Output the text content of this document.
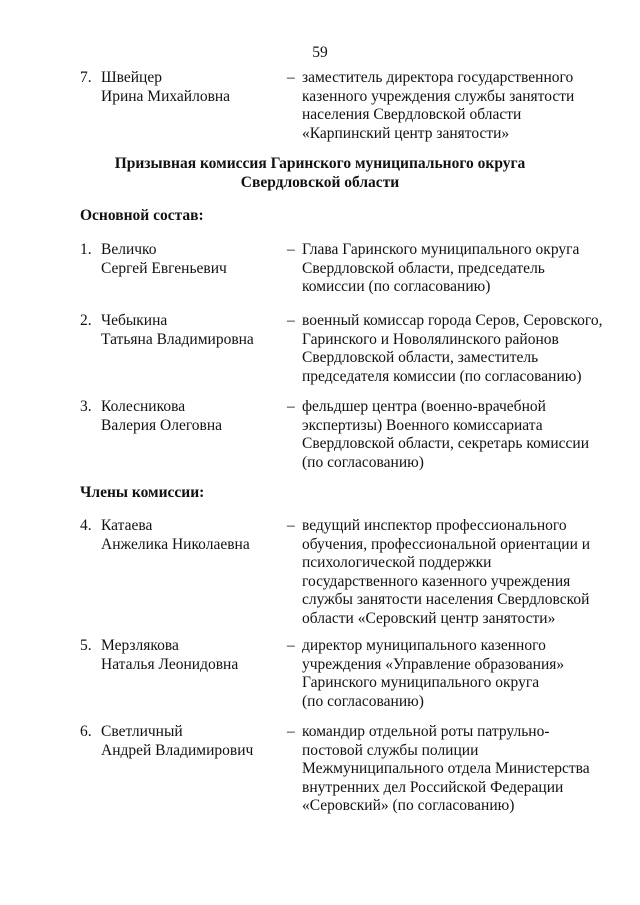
59
7. Швейцер
Ирина Михайловна
– заместитель директора государственного
казенного учреждения службы занятости
населения Свердловской области
«Карпинский центр занятости»
Призывная комиссия Гаринского муниципального округа
Свердловской области
Основной состав:
1. Величко
Сергей Евгеньевич
– Глава Гаринского муниципального округа
Свердловской области, председатель
комиссии (по согласованию)
2. Чебыкина
Татьяна Владимировна
– военный комиссар города Серов, Серовского,
Гаринского и Новолялинского районов
Свердловской области, заместитель
председателя комиссии (по согласованию)
3. Колесникова
Валерия Олеговна
– фельдшер центра (военно-врачебной
экспертизы) Военного комиссариата
Свердловской области, секретарь комиссии
(по согласованию)
Члены комиссии:
4. Катаева
Анжелика Николаевна
– ведущий инспектор профессионального
обучения, профессиональной ориентации и
психологической поддержки
государственного казенного учреждения
службы занятости населения Свердловской
области «Серовский центр занятости»
5. Мерзлякова
Наталья Леонидовна
– директор муниципального казенного
учреждения «Управление образования»
Гаринского муниципального округа
(по согласованию)
6. Светличный
Андрей Владимирович
– командир отдельной роты патрульно-
постовой службы полиции
Межмуниципального отдела Министерства
внутренних дел Российской Федерации
«Серовский» (по согласованию)
